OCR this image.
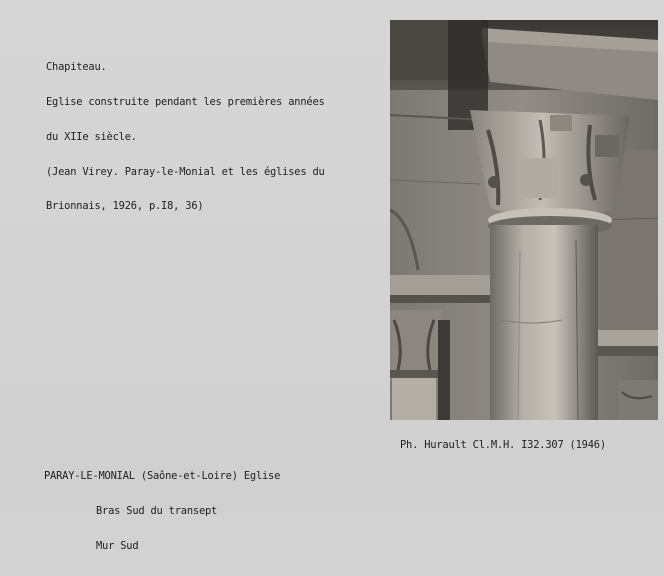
Chapiteau.

Eglise construite pendant les premières années

du XIIe siècle.

(Jean Virey. Paray-le-Monial et les églises du

Brionnais, 1926, p.I8, 36)

Ph. Hurault Cl.M.H. I32.307 (1946)

PARAY-LE-MONIAL (Saône-et-Loire) Eglise

Bras Sud du transept

Mur Sud
